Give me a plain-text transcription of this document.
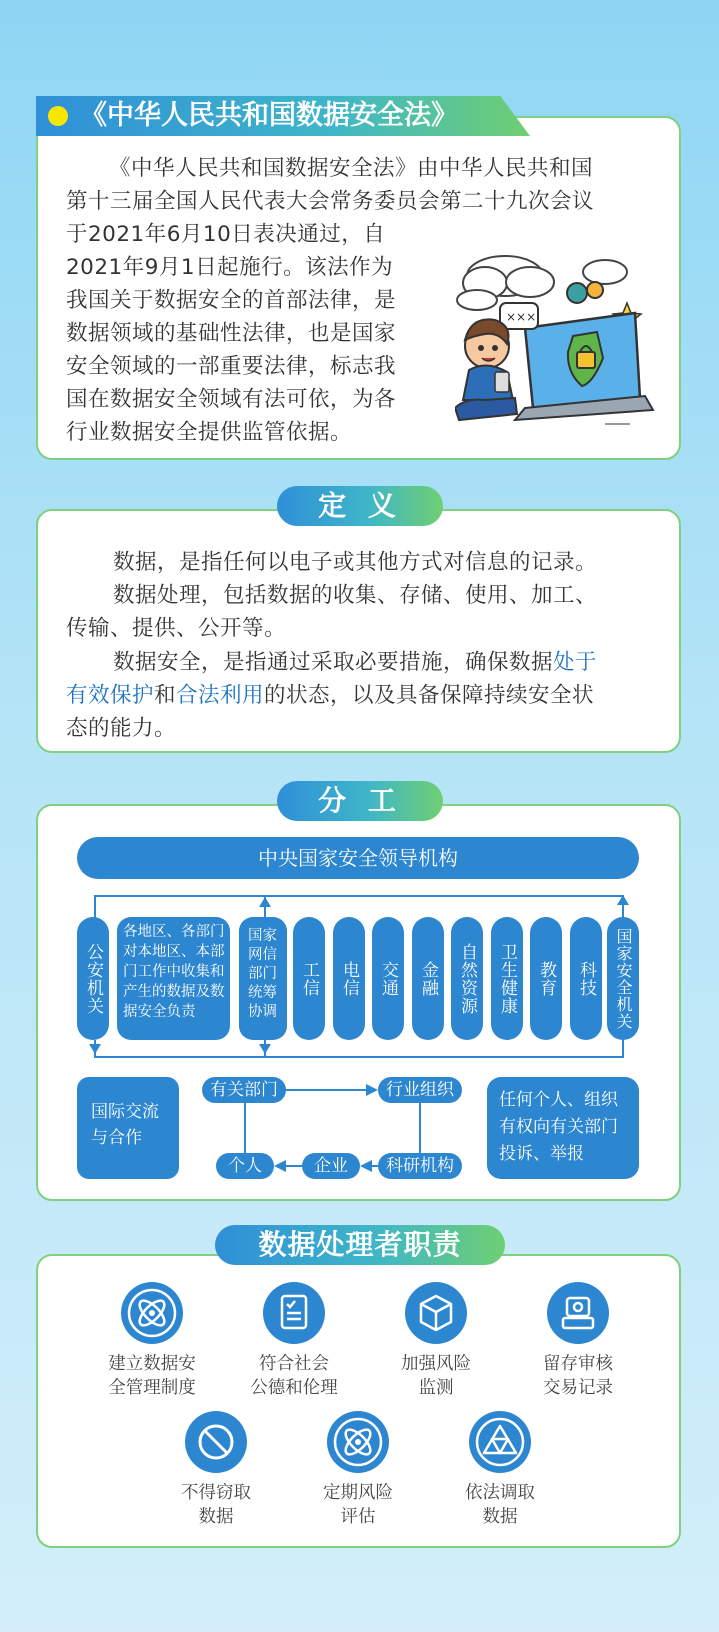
《中华人民共和国数据安全法》
《中华人民共和国数据安全法》由中华人民共和国
第十三届全国人民代表大会常务委员会第二十九次会议
于2021年6月10日表决通过，自
2021年9月1日起施行。该法作为
我国关于数据安全的首部法律，是
数据领域的基础性法律，也是国家
安全领域的一部重要法律，标志我
国在数据安全领域有法可依，为各
行业数据安全提供监管依据。
×××
定 义
数据，是指任何以电子或其他方式对信息的记录。
数据处理，包括数据的收集、存储、使用、加工、
传输、提供、公开等。
数据安全，是指通过采取必要措施，确保数据处于
有效保护和合法利用的状态，以及具备保障持续安全状
态的能力。
分 工
中央国家安全领导机构
公安机关
各地区、各部门对本地区、本部门工作中收集和产生的数据及数据安全负责
国家网信部门统筹协调
工信 电信 交通 金融 自然资源 卫生健康 教育 科技 国家安全机关
国际交流与合作
有关部门	行业组织
科研机构
企业
个人
任何个人、组织有权向有关部门投诉、举报
数据处理者职责
建立数据安
全管理制度
符合社会
公德和伦理
加强风险
监测
留存审核
交易记录
不得窃取
数据
定期风险
评估
依法调取
数据
